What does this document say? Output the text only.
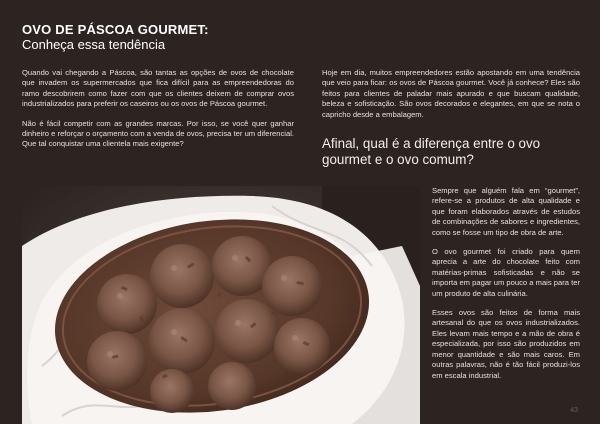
OVO DE PÁSCOA GOURMET:
Conheça essa tendência

Quando vai chegando a Páscoa, são tantas as opções de ovos de chocolate que invadem os supermercados que fica difícil para as empreendedoras do ramo descobrirem como fazer com que os clientes deixem de comprar ovos industrializados para preferir os caseiros ou os ovos de Páscoa gourmet.

Não é fácil competir com as grandes marcas. Por isso, se você quer ganhar dinheiro e reforçar o orçamento com a venda de ovos, precisa ter um diferencial. Que tal conquistar uma clientela mais exigente?

Hoje em dia, muitos empreendedores estão apostando em uma tendência que veio para ficar: os ovos de Páscoa gourmet. Você já conhece? Eles são feitos para clientes de paladar mais apurado e que buscam qualidade, beleza e sofisticação. São ovos decorados e elegantes, em que se nota o capricho desde a embalagem.

Afinal, qual é a diferença entre o ovo gourmet e o ovo comum?

Sempre que alguém fala em “gourmet”, refere-se a produtos de alta qualidade e que foram elaborados através de estudos de combinações de sabores e ingredientes, como se fosse um tipo de obra de arte.

O ovo gourmet foi criado para quem aprecia a arte do chocolate feito com matérias-primas sofisticadas e não se importa em pagar um pouco a mais para ter um produto de alta culinária.

Esses ovos são feitos de forma mais artesanal do que os ovos industrializados. Eles levam mais tempo e a mão de obra é especializada, por isso são produzidos em menor quantidade e são mais caros. Em outras palavras, não é tão fácil produzi-los em escala industrial.

43
